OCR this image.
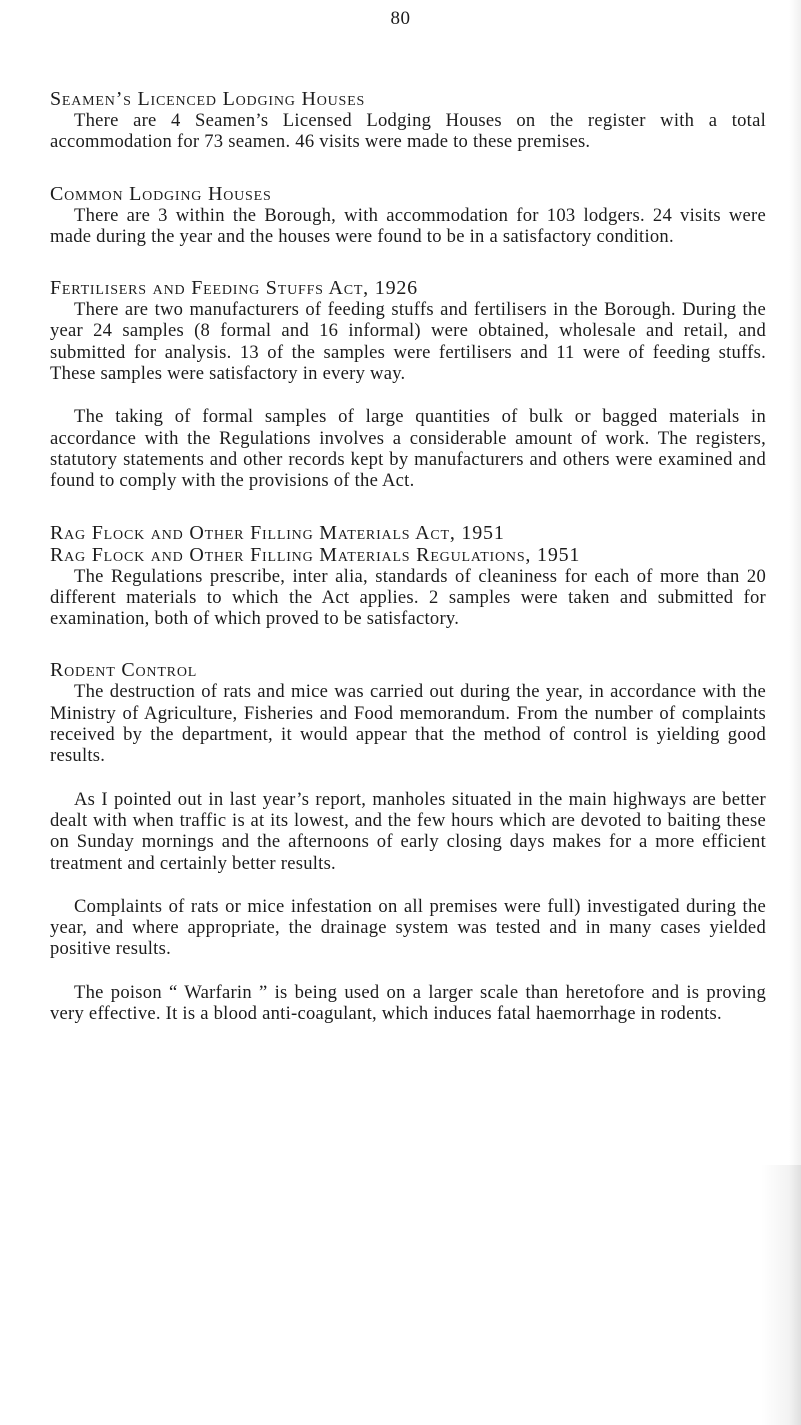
80

Seamen’s Licenced Lodging Houses

There are 4 Seamen’s Licensed Lodging Houses on the register with a total accommodation for 73 seamen. 46 visits were made to these premises.

Common Lodging Houses

There are 3 within the Borough, with accommodation for 103 lodgers. 24 visits were made during the year and the houses were found to be in a satisfactory condition.

Fertilisers and Feeding Stuffs Act, 1926

There are two manufacturers of feeding stuffs and fertilisers in the Borough. During the year 24 samples (8 formal and 16 informal) were obtained, wholesale and retail, and submitted for analysis. 13 of the samples were fertilisers and 11 were of feeding stuffs. These samples were satisfactory in every way.

The taking of formal samples of large quantities of bulk or bagged materials in accordance with the Regulations involves a considerable amount of work. The registers, statutory statements and other records kept by manufacturers and others were examined and found to comply with the provisions of the Act.

Rag Flock and Other Filling Materials Act, 1951

Rag Flock and Other Filling Materials Regulations, 1951

The Regulations prescribe, inter alia, standards of cleaniness for each of more than 20 different materials to which the Act applies. 2 samples were taken and submitted for examination, both of which proved to be satisfactory.

Rodent Control

The destruction of rats and mice was carried out during the year, in accordance with the Ministry of Agriculture, Fisheries and Food memorandum. From the number of complaints received by the department, it would appear that the method of control is yielding good results.

As I pointed out in last year’s report, manholes situated in the main highways are better dealt with when traffic is at its lowest, and the few hours which are devoted to baiting these on Sunday mornings and the afternoons of early closing days makes for a more efficient treatment and certainly better results.

Complaints of rats or mice infestation on all premises were full) investigated during the year, and where appropriate, the drainage system was tested and in many cases yielded positive results.

The poison “ Warfarin ” is being used on a larger scale than heretofore and is proving very effective. It is a blood anti-coagulant, which induces fatal haemorrhage in rodents.
